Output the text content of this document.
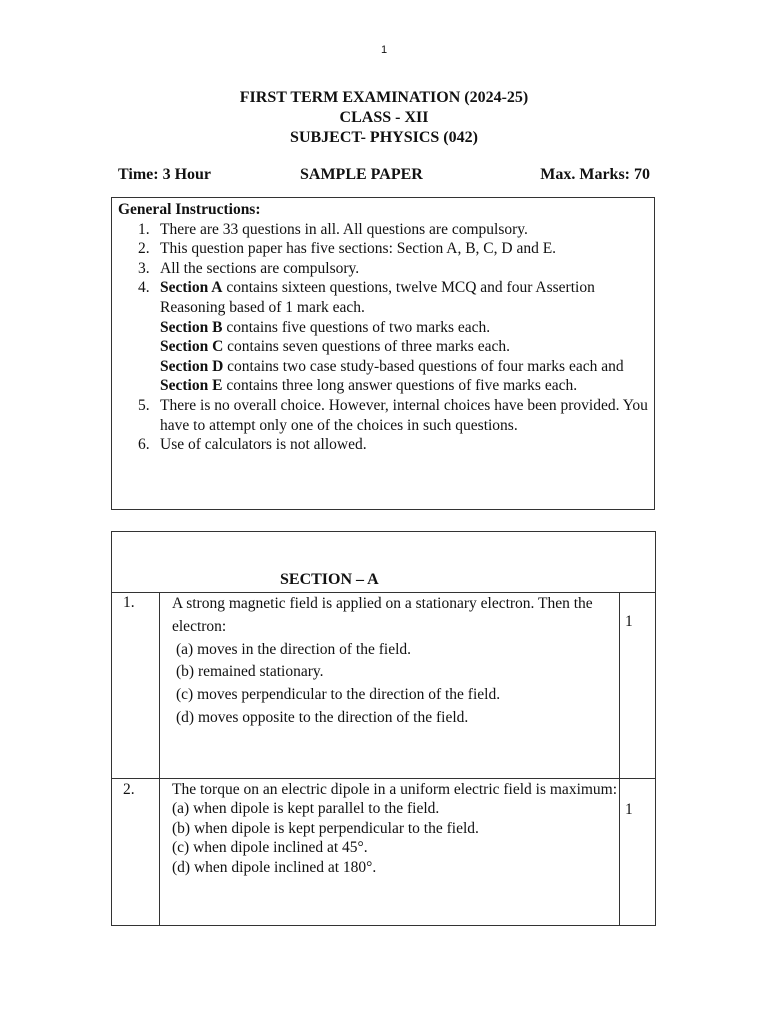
1
FIRST TERM EXAMINATION (2024-25)
CLASS - XII
SUBJECT- PHYSICS (042)
Time: 3 Hour	SAMPLE PAPER	Max. Marks: 70
General Instructions:
1. There are 33 questions in all. All questions are compulsory.
2. This question paper has five sections: Section A, B, C, D and E.
3. All the sections are compulsory.
4. Section A contains sixteen questions, twelve MCQ and four Assertion Reasoning based of 1 mark each.
Section B contains five questions of two marks each.
Section C contains seven questions of three marks each.
Section D contains two case study-based questions of four marks each and
Section E contains three long answer questions of five marks each.
5. There is no overall choice. However, internal choices have been provided. You have to attempt only one of the choices in such questions.
6. Use of calculators is not allowed.
SECTION – A
1. A strong magnetic field is applied on a stationary electron. Then the electron:
(a) moves in the direction of the field.
(b) remained stationary.
(c) moves perpendicular to the direction of the field.
(d) moves opposite to the direction of the field.
1
2. The torque on an electric dipole in a uniform electric field is maximum:
(a) when dipole is kept parallel to the field.
(b) when dipole is kept perpendicular to the field.
(c) when dipole inclined at 45°.
(d) when dipole inclined at 180°.
1
